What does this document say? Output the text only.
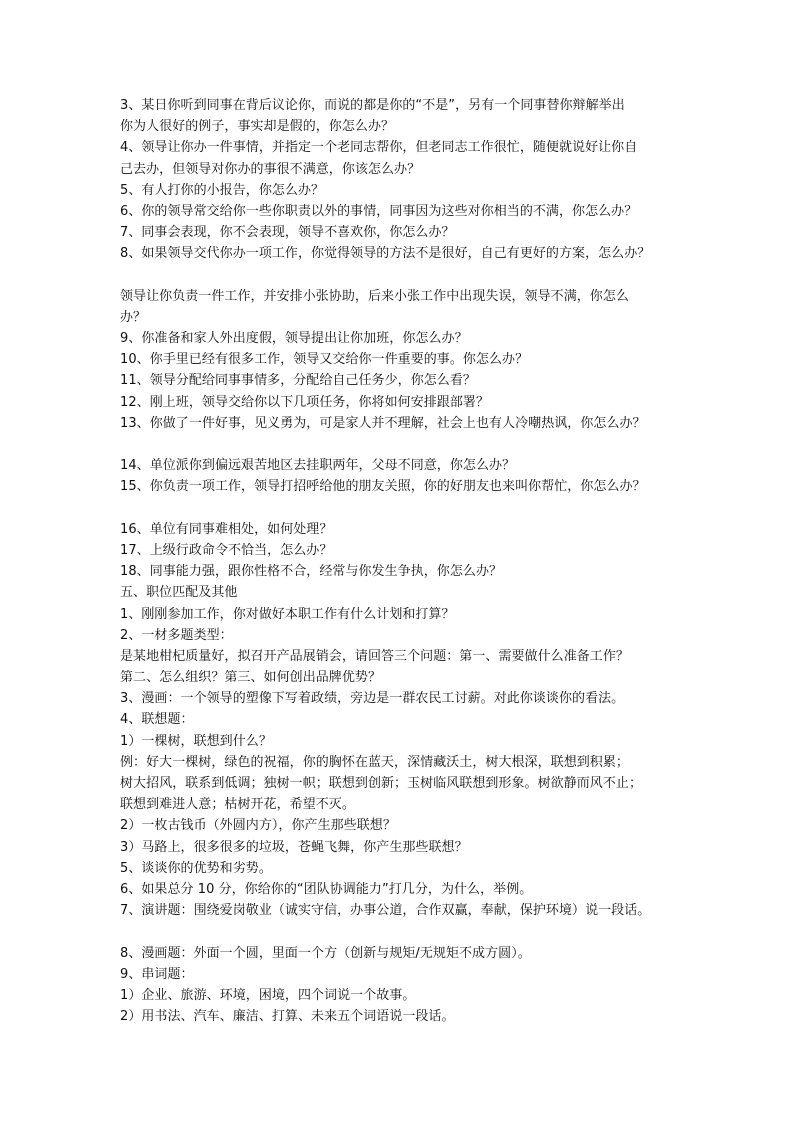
3、某日你听到同事在背后议论你，而说的都是你的“不是”，另有一个同事替你辩解举出
你为人很好的例子，事实却是假的，你怎么办？
4、领导让你办一件事情，并指定一个老同志帮你，但老同志工作很忙，随便就说好让你自
己去办，但领导对你办的事很不满意，你该怎么办？
5、有人打你的小报告，你怎么办？
6、你的领导常交给你一些你职责以外的事情，同事因为这些对你相当的不满，你怎么办？
7、同事会表现，你不会表现，领导不喜欢你，你怎么办？
8、如果领导交代你办一项工作，你觉得领导的方法不是很好，自己有更好的方案，怎么办？
领导让你负责一件工作，并安排小张协助，后来小张工作中出现失误，领导不满，你怎么
办？
9、你准备和家人外出度假，领导提出让你加班，你怎么办？
10、你手里已经有很多工作，领导又交给你一件重要的事。你怎么办？
11、领导分配给同事事情多，分配给自己任务少，你怎么看？
12、刚上班，领导交给你以下几项任务，你将如何安排跟部署？
13、你做了一件好事，见义勇为，可是家人并不理解，社会上也有人冷嘲热讽，你怎么办？
14、单位派你到偏远艰苦地区去挂职两年，父母不同意，你怎么办？
15、你负责一项工作，领导打招呼给他的朋友关照，你的好朋友也来叫你帮忙，你怎么办？
16、单位有同事难相处，如何处理？
17、上级行政命令不恰当，怎么办？
18、同事能力强，跟你性格不合，经常与你发生争执，你怎么办？
五、职位匹配及其他
1、刚刚参加工作，你对做好本职工作有什么计划和打算？
2、一材多题类型：
是某地柑杞质量好，拟召开产品展销会，请回答三个问题：第一、需要做什么准备工作？
第二、怎么组织？第三、如何创出品牌优势？
3、漫画：一个领导的塑像下写着政绩，旁边是一群农民工讨薪。对此你谈谈你的看法。
4、联想题：
1）一棵树，联想到什么？
例：好大一棵树，绿色的祝福，你的胸怀在蓝天，深情藏沃土，树大根深，联想到积累；
树大招风，联系到低调；独树一帜；联想到创新；玉树临风联想到形象。树欲静而风不止；
联想到难进人意；枯树开花，希望不灭。
2）一枚古钱币（外圆内方），你产生那些联想？
3）马路上，很多很多的垃圾，苍蝇飞舞，你产生那些联想？
5、谈谈你的优势和劣势。
6、如果总分 10 分，你给你的“团队协调能力”打几分，为什么，举例。
7、演讲题：围绕爱岗敬业（诚实守信，办事公道，合作双赢，奉献，保护环境）说一段话。
8、漫画题：外面一个圆，里面一个方（创新与规矩/无规矩不成方圆）。
9、串词题：
1）企业、旅游、环境，困境，四个词说一个故事。
2）用书法、汽车、廉洁、打算、未来五个词语说一段话。
